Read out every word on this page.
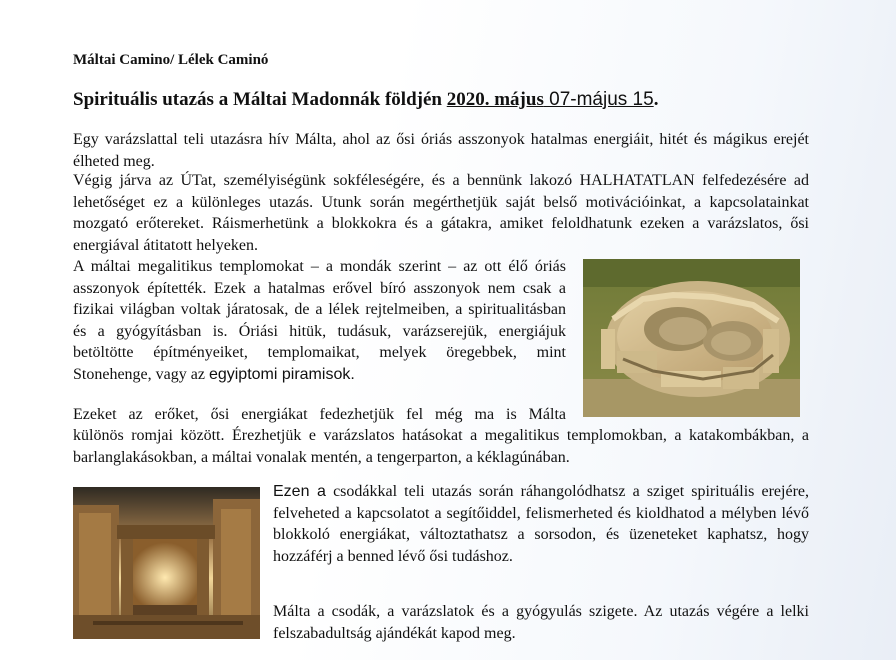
Máltai Camino/ Lélek Caminó
Spirituális utazás a Máltai Madonnák földjén 2020. május 07-május 15.
Egy varázslattal teli utazásra hív Málta, ahol az ősi óriás asszonyok hatalmas energiáit, hitét és mágikus erejét élheted meg.
Végig járva az ÚTat, személyiségünk sokféleségére, és a bennünk lakozó HALHATATLAN felfedezésére ad lehetőséget ez a különleges utazás. Utunk során megérthetjük saját belső motivációinkat, a kapcsolatainkat mozgató erőtereket. Ráismerhetünk a blokkokra és a gátakra, amiket feloldhatunk ezeken a varázslatos, ősi energiával átitatott helyeken.
A máltai megalitikus templomokat – a mondák szerint – az ott élő óriás asszonyok építették. Ezek a hatalmas erővel bíró asszonyok nem csak a fizikai világban voltak járatosak, de a lélek rejtelmeiben, a spiritualitásban és a gyógyításban is. Óriási hitük, tudásuk, varázserejük, energiájuk betöltötte építményeiket, templomaikat, melyek öregebbek, mint Stonehenge, vagy az egyiptomi piramisok.
Ezeket az erőket, ősi energiákat fedezhetjük fel még ma is Málta
különös romjai között. Érezhetjük e varázslatos hatásokat a megalitikus templomokban, a katakombákban, a barlanglakásokban, a máltai vonalak mentén, a tengerparton, a kéklagúnában.
Ezen a csodákkal teli utazás során ráhangolódhatsz a sziget spirituális erejére, felveheted a kapcsolatot a segítőiddel, felismerheted és kioldhatod a mélyben lévő blokkoló energiákat, változtathatsz a sorsodon, és üzeneteket kaphatsz, hogy hozzáférj a benned lévő ősi tudáshoz.
Málta a csodák, a varázslatok és a gyógyulás szigete. Az utazás végére a lelki felszabadultság ajándékát kapod meg.
